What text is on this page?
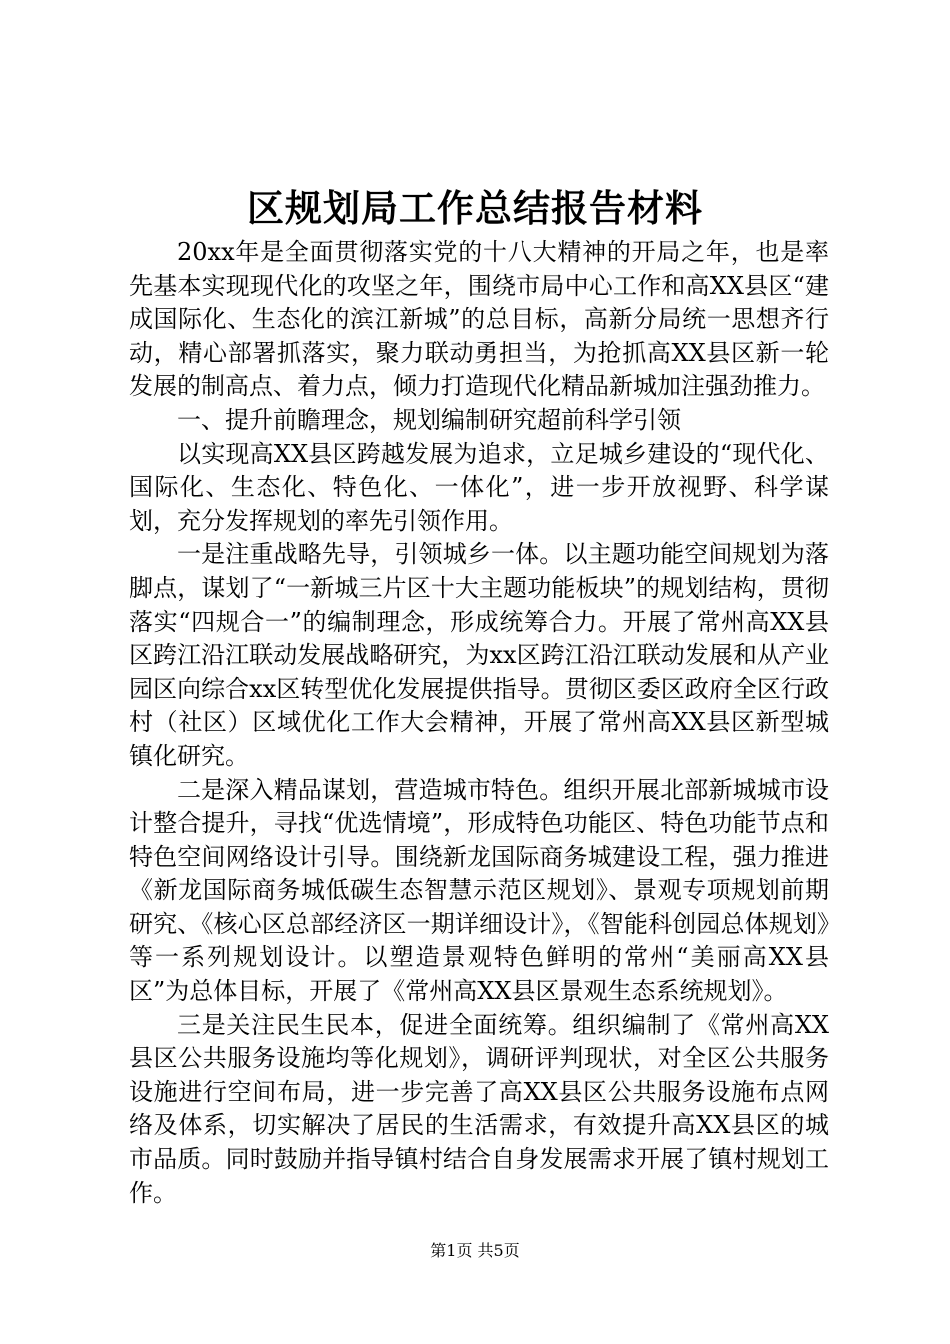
区规划局工作总结报告材料

20xx年是全面贯彻落实党的十八大精神的开局之年，也是率先基本实现现代化的攻坚之年，围绕市局中心工作和高XX县区“建成国际化、生态化的滨江新城”的总目标，高新分局统一思想齐行动，精心部署抓落实，聚力联动勇担当，为抢抓高XX县区新一轮发展的制高点、着力点，倾力打造现代化精品新城加注强劲推力。

一、提升前瞻理念，规划编制研究超前科学引领

以实现高XX县区跨越发展为追求，立足城乡建设的“现代化、国际化、生态化、特色化、一体化”，进一步开放视野、科学谋划，充分发挥规划的率先引领作用。

一是注重战略先导，引领城乡一体。以主题功能空间规划为落脚点，谋划了“一新城三片区十大主题功能板块”的规划结构，贯彻落实“四规合一”的编制理念，形成统筹合力。开展了常州高XX县区跨江沿江联动发展战略研究，为xx区跨江沿江联动发展和从产业园区向综合xx区转型优化发展提供指导。贯彻区委区政府全区行政村（社区）区域优化工作大会精神，开展了常州高XX县区新型城镇化研究。

二是深入精品谋划，营造城市特色。组织开展北部新城城市设计整合提升，寻找“优选情境”，形成特色功能区、特色功能节点和特色空间网络设计引导。围绕新龙国际商务城建设工程，强力推进《新龙国际商务城低碳生态智慧示范区规划》、景观专项规划前期研究、《核心区总部经济区一期详细设计》，《智能科创园总体规划》等一系列规划设计。以塑造景观特色鲜明的常州“美丽高XX县区”为总体目标，开展了《常州高XX县区景观生态系统规划》。

三是关注民生民本，促进全面统筹。组织编制了《常州高XX县区公共服务设施均等化规划》，调研评判现状，对全区公共服务设施进行空间布局，进一步完善了高XX县区公共服务设施布点网络及体系，切实解决了居民的生活需求，有效提升高XX县区的城市品质。同时鼓励并指导镇村结合自身发展需求开展了镇村规划工作。

第1页 共5页
